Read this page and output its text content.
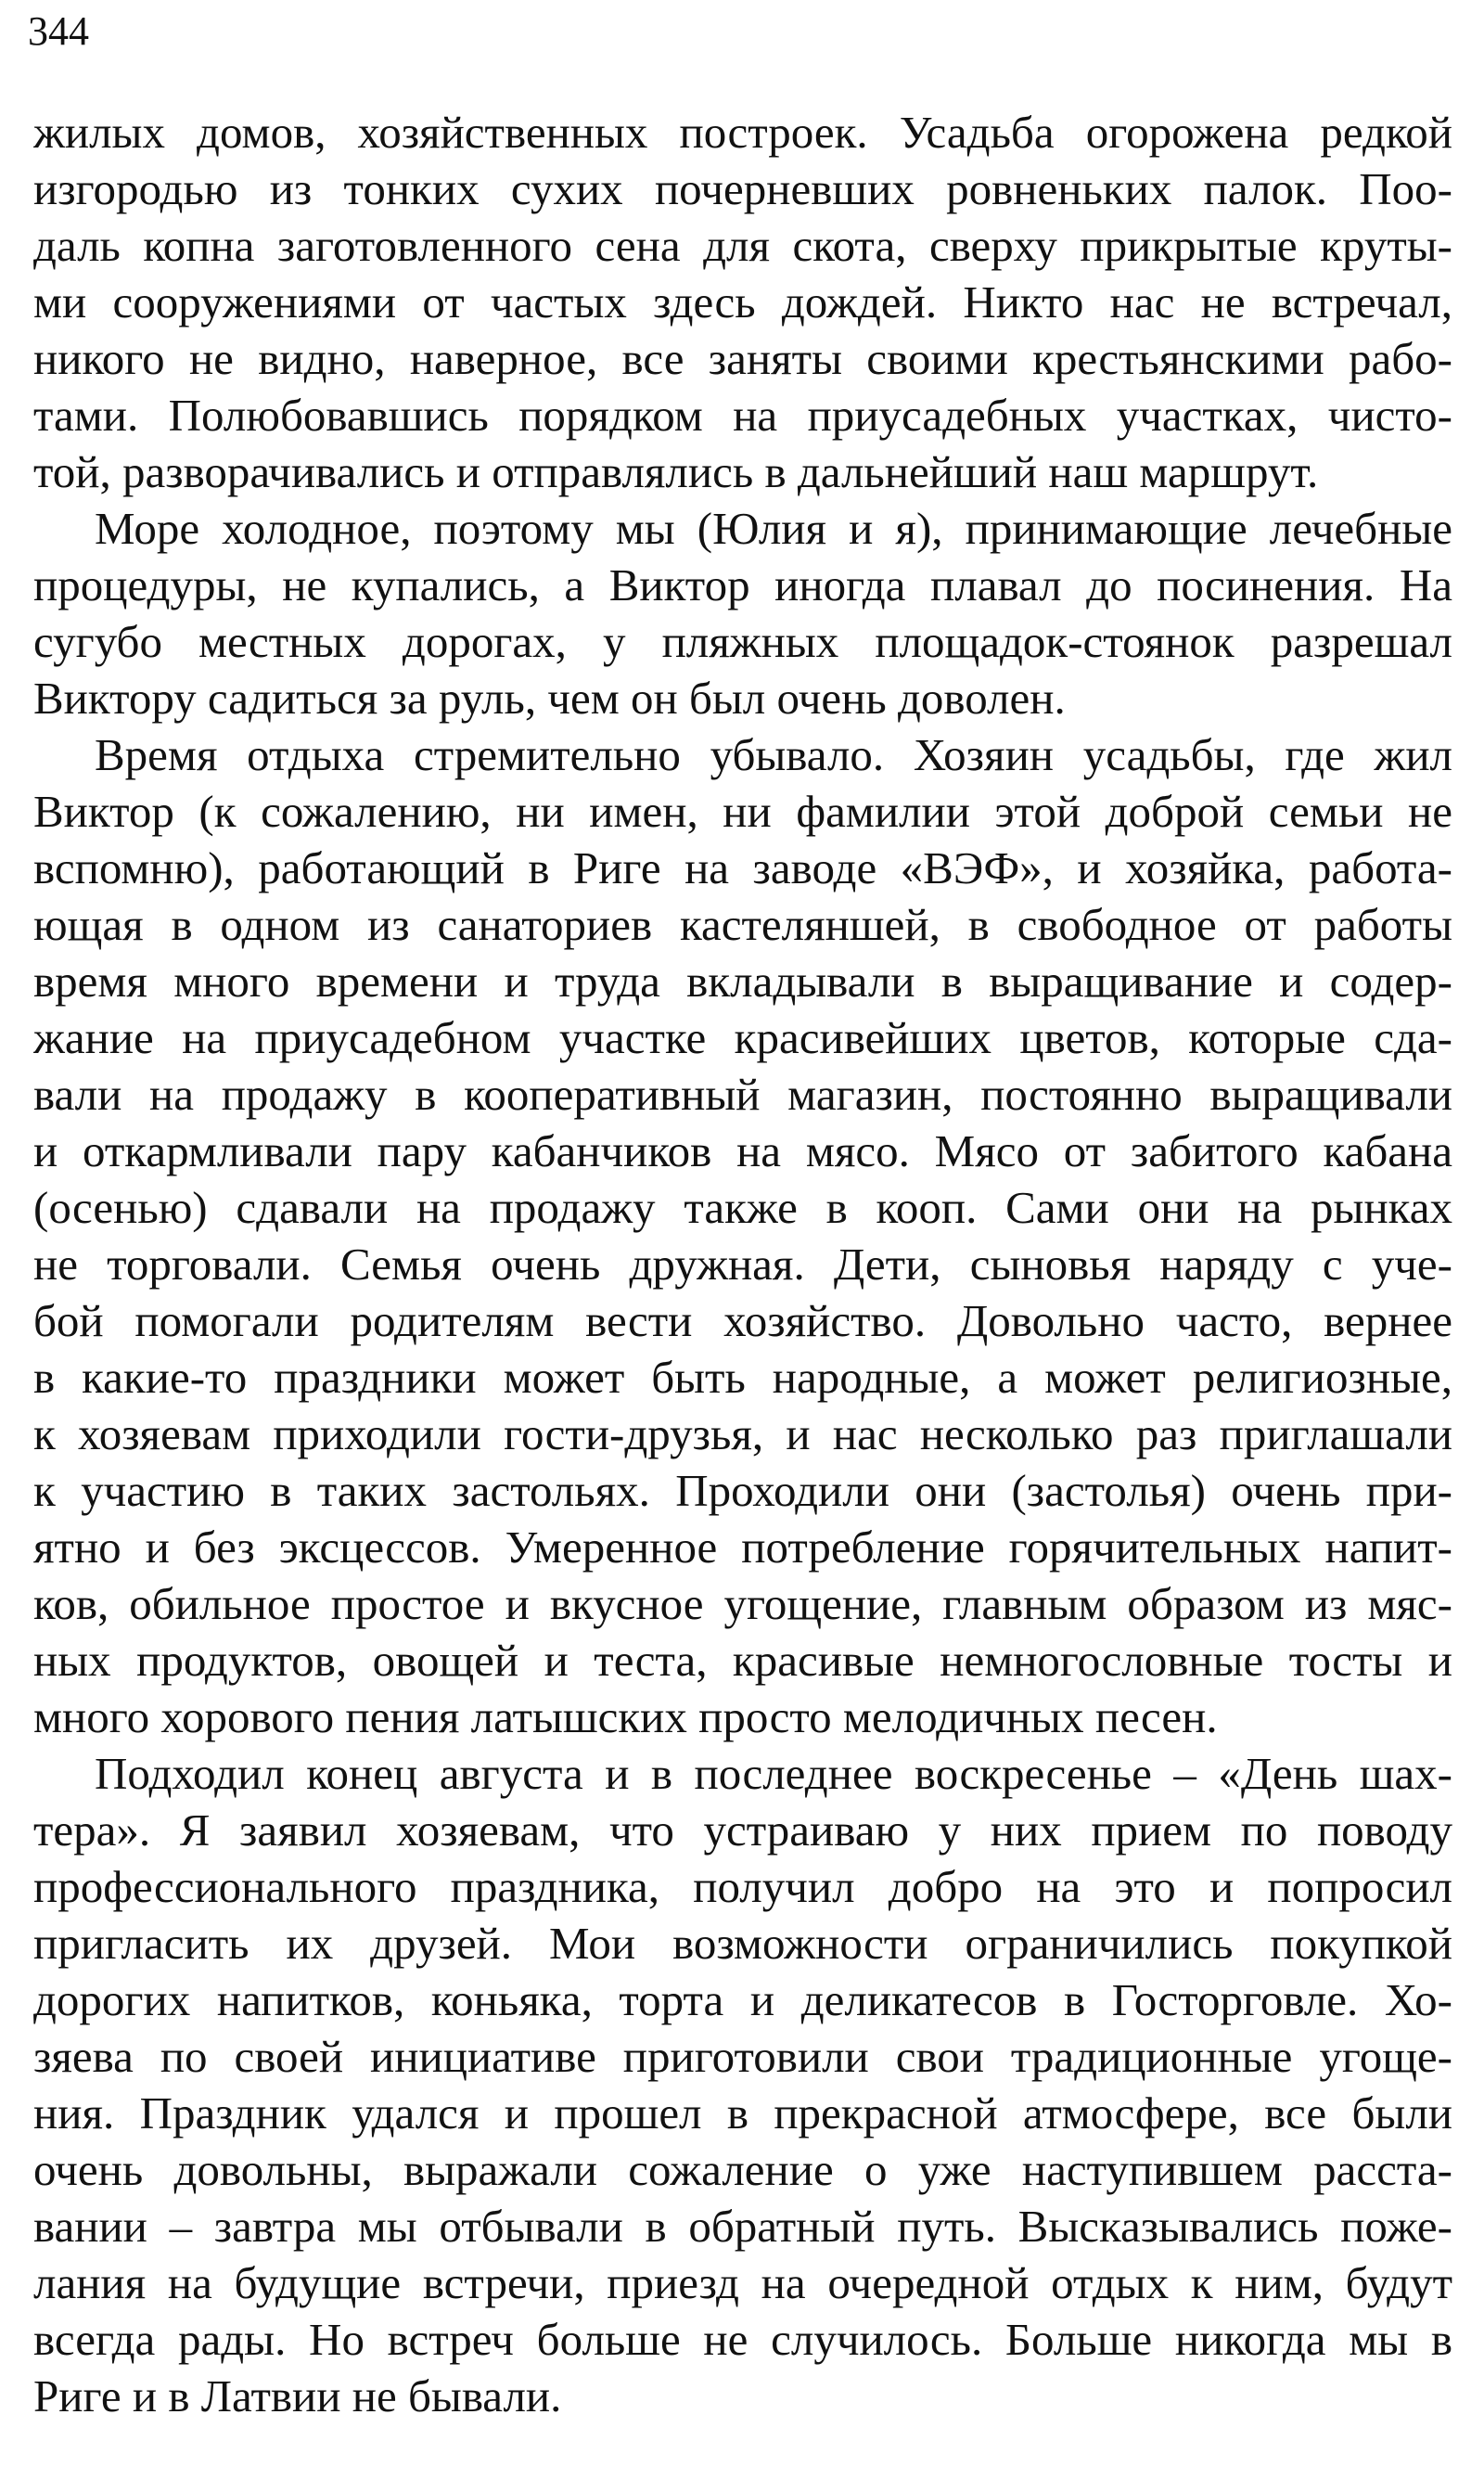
344
жилых домов, хозяйственных построек. Усадьба огорожена редкой
изгородью из тонких сухих почерневших ровненьких палок. Поо-
даль копна заготовленного сена для скота, сверху прикрытые круты-
ми сооружениями от частых здесь дождей. Никто нас не встречал,
никого не видно, наверное, все заняты своими крестьянскими рабо-
тами. Полюбовавшись порядком на приусадебных участках, чисто-
той, разворачивались и отправлялись в дальнейший наш маршрут.
Море холодное, поэтому мы (Юлия и я), принимающие лечебные
процедуры, не купались, а Виктор иногда плавал до посинения. На
сугубо местных дорогах, у пляжных площадок-стоянок разрешал
Виктору садиться за руль, чем он был очень доволен.
Время отдыха стремительно убывало. Хозяин усадьбы, где жил
Виктор (к сожалению, ни имен, ни фамилии этой доброй семьи не
вспомню), работающий в Риге на заводе «ВЭФ», и хозяйка, работа-
ющая в одном из санаториев кастеляншей, в свободное от работы
время много времени и труда вкладывали в выращивание и содер-
жание на приусадебном участке красивейших цветов, которые сда-
вали на продажу в кооперативный магазин, постоянно выращивали
и откармливали пару кабанчиков на мясо. Мясо от забитого кабана
(осенью) сдавали на продажу также в кооп. Сами они на рынках
не торговали. Семья очень дружная. Дети, сыновья наряду с уче-
бой помогали родителям вести хозяйство. Довольно часто, вернее
в какие-то праздники может быть народные, а может религиозные,
к хозяевам приходили гости-друзья, и нас несколько раз приглашали
к участию в таких застольях. Проходили они (застолья) очень при-
ятно и без эксцессов. Умеренное потребление горячительных напит-
ков, обильное простое и вкусное угощение, главным образом из мяс-
ных продуктов, овощей и теста, красивые немногословные тосты и
много хорового пения латышских просто мелодичных песен.
Подходил конец августа и в последнее воскресенье – «День шах-
тера». Я заявил хозяевам, что устраиваю у них прием по поводу
профессионального праздника, получил добро на это и попросил
пригласить их друзей. Мои возможности ограничились покупкой
дорогих напитков, коньяка, торта и деликатесов в Госторговле. Хо-
зяева по своей инициативе приготовили свои традиционные угоще-
ния. Праздник удался и прошел в прекрасной атмосфере, все были
очень довольны, выражали сожаление о уже наступившем расста-
вании – завтра мы отбывали в обратный путь. Высказывались поже-
лания на будущие встречи, приезд на очередной отдых к ним, будут
всегда рады. Но встреч больше не случилось. Больше никогда мы в
Риге и в Латвии не бывали.
